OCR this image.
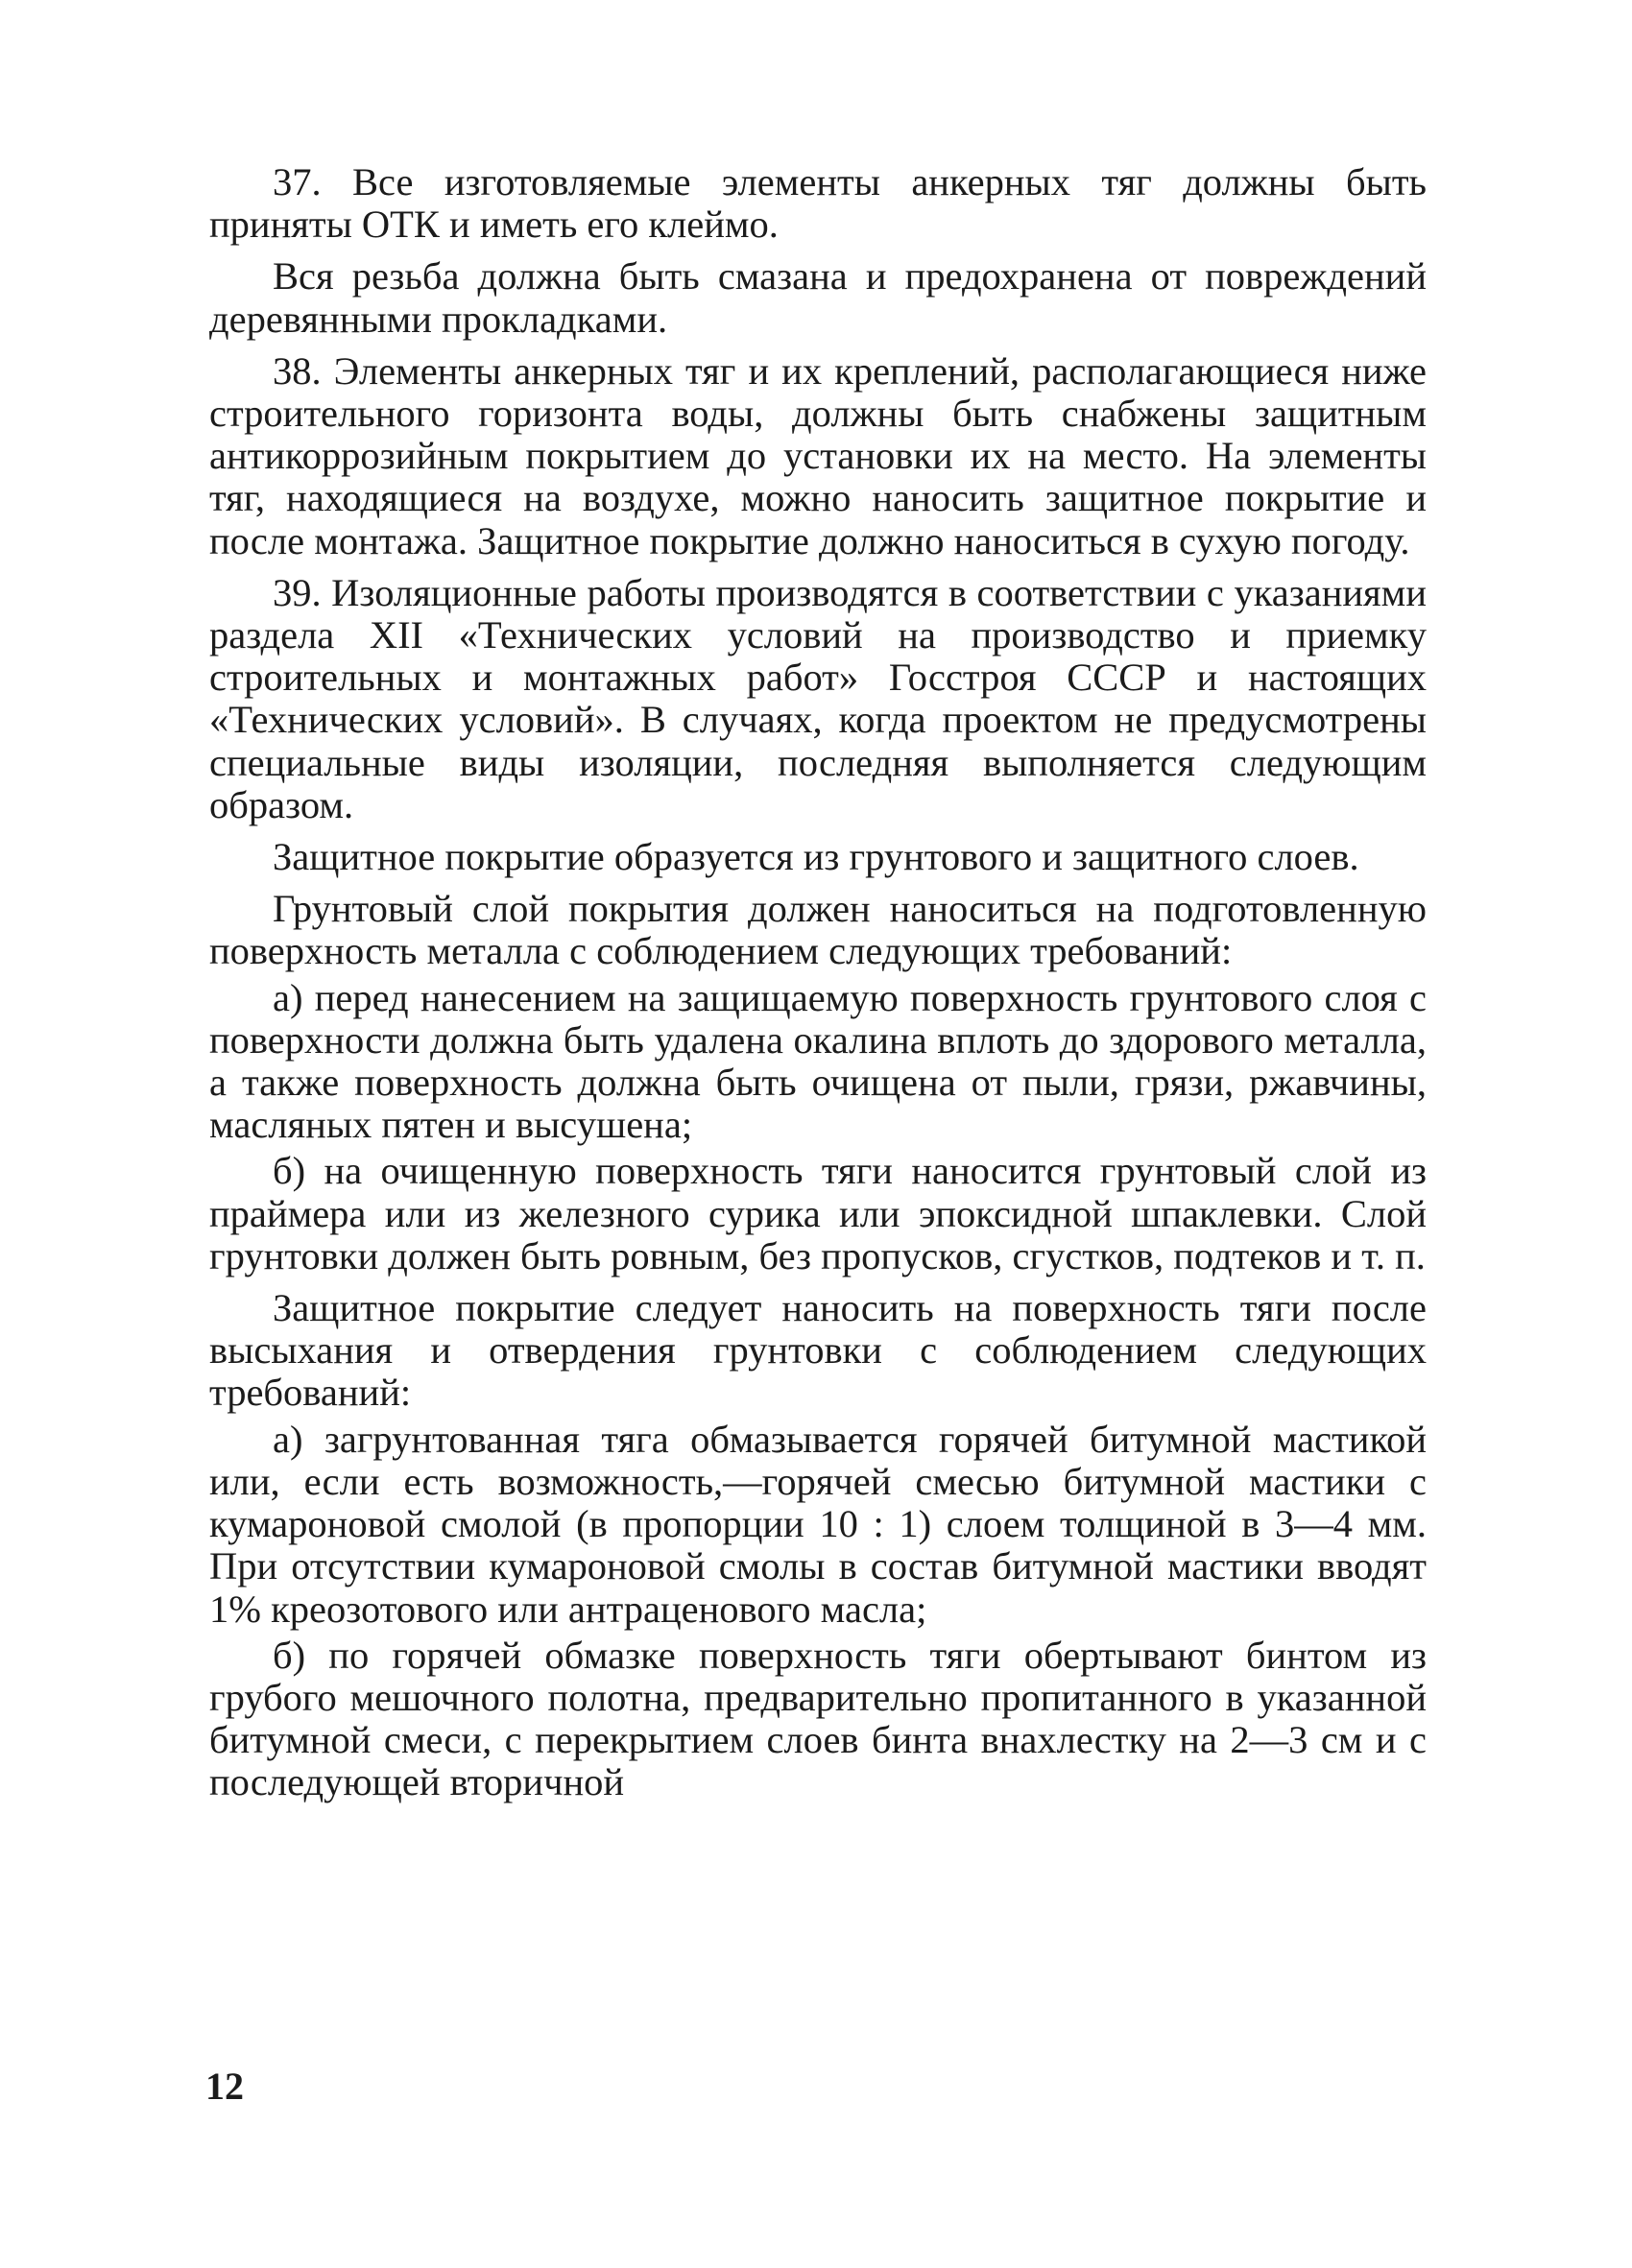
37. Все изготовляемые элементы анкерных тяг должны быть приняты ОТК и иметь его клеймо.

Вся резьба должна быть смазана и предохранена от повреждений деревянными прокладками.

38. Элементы анкерных тяг и их креплений, располагающиеся ниже строительного горизонта воды, должны быть снабжены защитным антикоррозийным покрытием до установки их на место. На элементы тяг, находящиеся на воздухе, можно наносить защитное покрытие и после монтажа. Защитное покрытие должно наноситься в сухую погоду.

39. Изоляционные работы производятся в соответствии с указаниями раздела XII «Технических условий на производство и приемку строительных и монтажных работ» Госстроя СССР и настоящих «Технических условий». В случаях, когда проектом не предусмотрены специальные виды изоляции, последняя выполняется следующим образом.

Защитное покрытие образуется из грунтового и защитного слоев.

Грунтовый слой покрытия должен наноситься на подготовленную поверхность металла с соблюдением следующих требований:

а) перед нанесением на защищаемую поверхность грунтового слоя с поверхности должна быть удалена окалина вплоть до здорового металла, а также поверхность должна быть очищена от пыли, грязи, ржавчины, масляных пятен и высушена;

б) на очищенную поверхность тяги наносится грунтовый слой из праймера или из железного сурика или эпоксидной шпаклевки. Слой грунтовки должен быть ровным, без пропусков, сгустков, подтеков и т. п.

Защитное покрытие следует наносить на поверхность тяги после высыхания и отвердения грунтовки с соблюдением следующих требований:

а) загрунтованная тяга обмазывается горячей битумной мастикой или, если есть возможность,—горячей смесью битумной мастики с кумароновой смолой (в пропорции 10 : 1) слоем толщиной в 3—4 мм. При отсутствии кумароновой смолы в состав битумной мастики вводят 1% креозотового или антраценового масла;

б) по горячей обмазке поверхность тяги обертывают бинтом из грубого мешочного полотна, предварительно пропитанного в указанной битумной смеси, с перекрытием слоев бинта внахлестку на 2—3 см и с последующей вторичной

12
